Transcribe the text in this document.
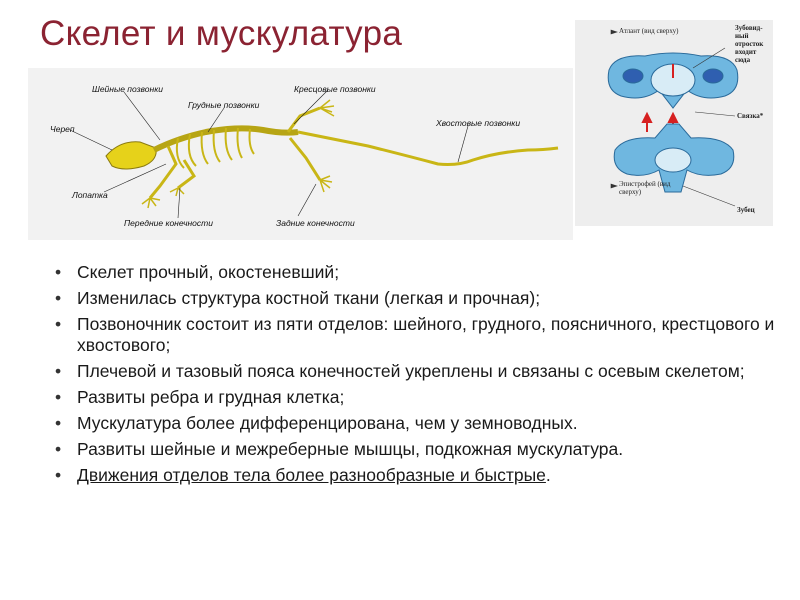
Скелет и мускулатура
Череп
Шейные позвонки
Грудные позвонки
Кресцовые позвонки
Хвостовые позвонки
Лопатка
Передние конечности	Задние конечности
Атлант (вид сверху)	Зубовид- ный отросток входит сюда
Связка*
Эпистрофей (вид сверху)
Зубец
• Скелет прочный, окостеневший;
• Изменилась структура костной ткани (легкая и прочная);
• Позвоночник состоит из пяти отделов: шейного, грудного, поясничного, крестцового и хвостового;
• Плечевой и тазовый пояса конечностей укреплены и связаны с осевым скелетом;
• Развиты ребра и грудная клетка;
• Мускулатура более дифференцирована, чем у земноводных.
• Развиты шейные и межреберные мышцы, подкожная мускулатура.
• Движения отделов тела более разнообразные и быстрые.
